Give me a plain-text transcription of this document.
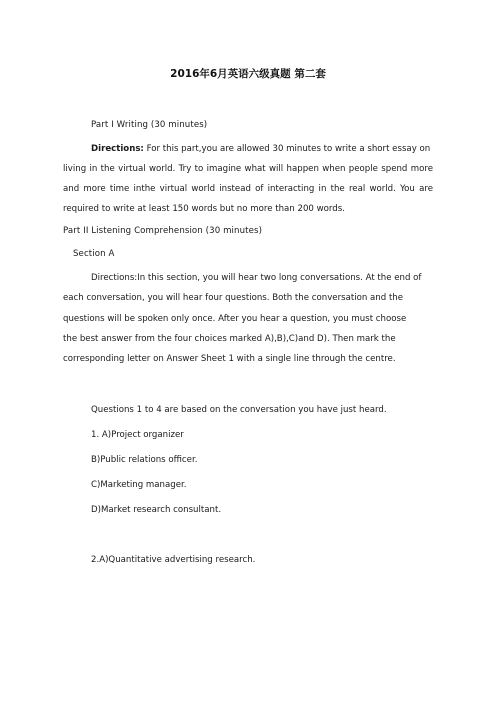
2016年6月英语六级真题 第二套
Part I Writing (30 minutes)
Directions: For this part,you are allowed 30 minutes to write a short essay on
living in the virtual world. Try to imagine what will happen when people spend more
and more time inthe virtual world instead of interacting in the real world. You are
required to write at least 150 words but no more than 200 words.
Part II Listening Comprehension (30 minutes)
Section A
Directions:In this section, you will hear two long conversations. At the end of
each conversation, you will hear four questions. Both the conversation and the
questions will be spoken only once. After you hear a question, you must choose
the best answer from the four choices marked A),B),C)and D). Then mark the
corresponding letter on Answer Sheet 1 with a single line through the centre.
Questions 1 to 4 are based on the conversation you have just heard.
1. A)Project organizer
B)Public relations officer.
C)Marketing manager.
D)Market research consultant.
2.A)Quantitative advertising research.
